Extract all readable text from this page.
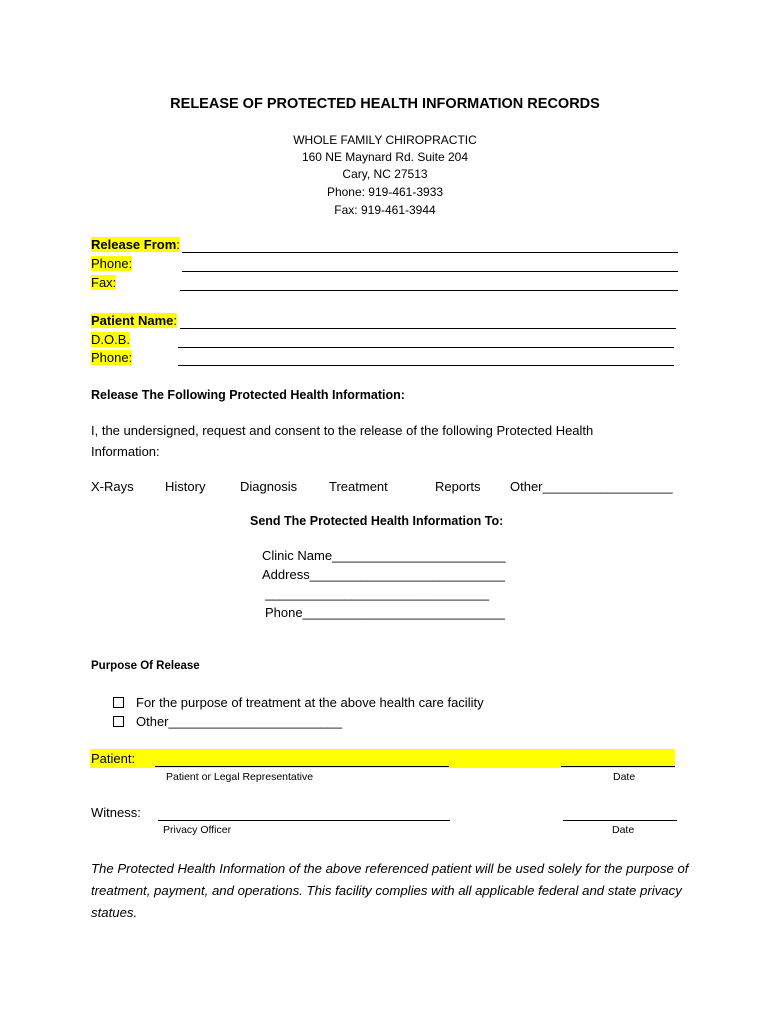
RELEASE OF PROTECTED HEALTH INFORMATION RECORDS
WHOLE FAMILY CHIROPRACTIC
160 NE Maynard Rd. Suite 204
Cary, NC 27513
Phone: 919-461-3933
Fax: 919-461-3944
Release From:
Phone:
Fax:
Patient Name:
D.O.B.
Phone:
Release The Following Protected Health Information:
I, the undersigned, request and consent to the release of the following Protected Health
Information:
X-Rays History	Diagnosis Treatment	Reports Other__________________
Send The Protected Health Information To:
Clinic Name________________________
Address___________________________
_______________________________
Phone____________________________
Purpose Of Release
For the purpose of treatment at the above health care facility
Other________________________
Patient:
Patient or Legal Representative	Date
Witness:
Privacy Officer	Date
The Protected Health Information of the above referenced patient will be used solely for the purpose of treatment, payment, and operations. This facility complies with all applicable federal and state privacy statues.
